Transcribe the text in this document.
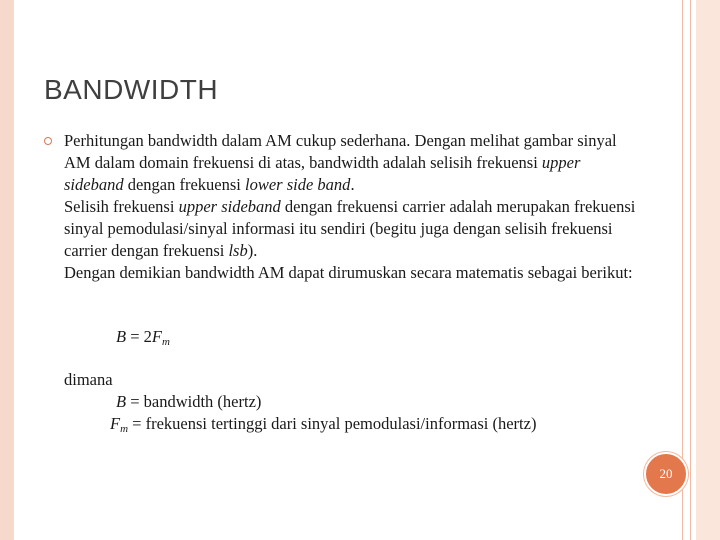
BANDWIDTH

Perhitungan bandwidth dalam AM cukup sederhana. Dengan melihat gambar sinyal AM dalam domain frekuensi di atas, bandwidth adalah selisih frekuensi upper sideband dengan frekuensi lower side band.

Selisih frekuensi upper sideband dengan frekuensi carrier adalah merupakan frekuensi sinyal pemodulasi/sinyal informasi itu sendiri (begitu juga dengan selisih frekuensi carrier dengan frekuensi lsb).

Dengan demikian bandwidth AM dapat dirumuskan secara matematis sebagai berikut:

$B = 2F_m$
dimana
B = bandwidth (hertz)
$F_m$ = frekuensi tertinggi dari sinyal pemodulasi/informasi (hertz)
20
